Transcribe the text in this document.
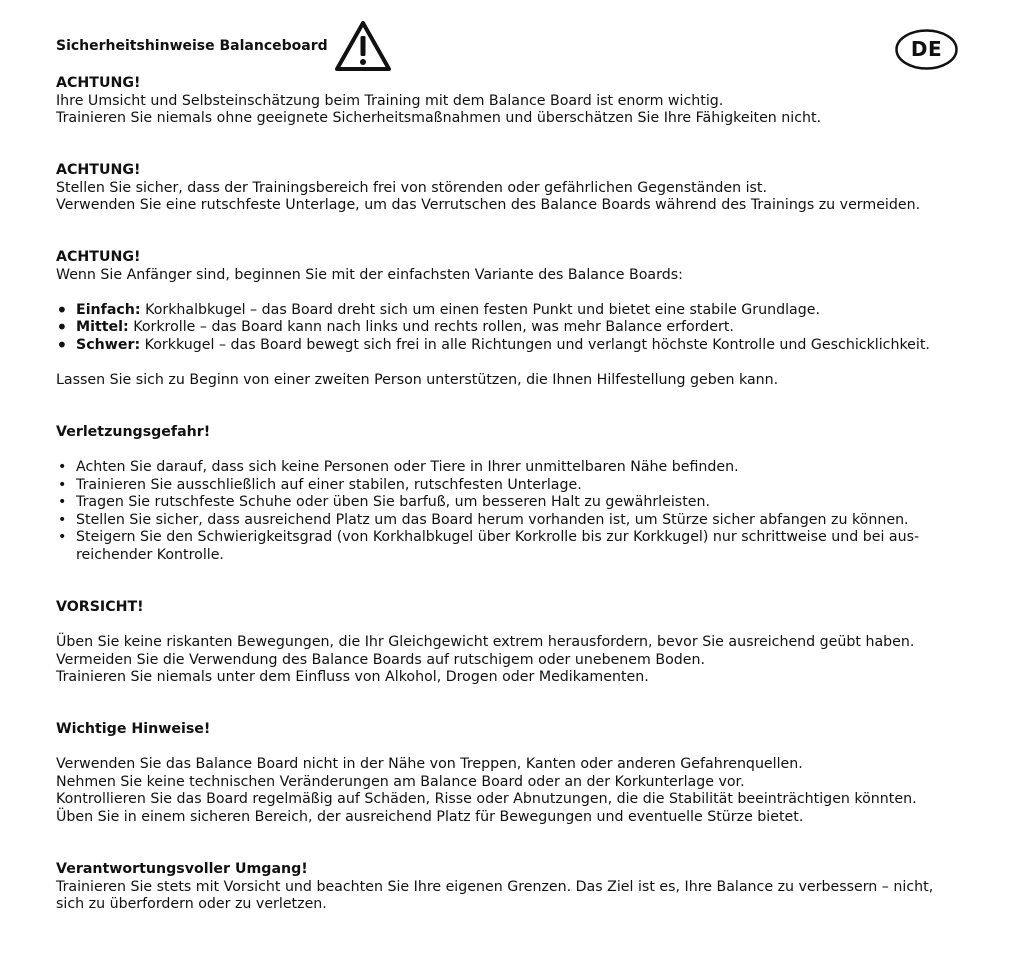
Sicherheitshinweise Balanceboard	DE
ACHTUNG!

Ihre Umsicht und Selbsteinschätzung beim Training mit dem Balance Board ist enorm wichtig.

Trainieren Sie niemals ohne geeignete Sicherheitsmaßnahmen und überschätzen Sie Ihre Fähigkeiten nicht.

ACHTUNG!

Stellen Sie sicher, dass der Trainingsbereich frei von störenden oder gefährlichen Gegenständen ist.

Verwenden Sie eine rutschfeste Unterlage, um das Verrutschen des Balance Boards während des Trainings zu vermeiden.

ACHTUNG!

Wenn Sie Anfänger sind, beginnen Sie mit der einfachsten Variante des Balance Boards:

• Einfach: Korkhalbkugel – das Board dreht sich um einen festen Punkt und bietet eine stabile Grundlage.
• Mittel: Korkrolle – das Board kann nach links und rechts rollen, was mehr Balance erfordert.
• Schwer: Korkkugel – das Board bewegt sich frei in alle Richtungen und verlangt höchste Kontrolle und Geschicklichkeit.

Lassen Sie sich zu Beginn von einer zweiten Person unterstützen, die Ihnen Hilfestellung geben kann.

Verletzungsgefahr!
• Achten Sie darauf, dass sich keine Personen oder Tiere in Ihrer unmittelbaren Nähe befinden.
• Trainieren Sie ausschließlich auf einer stabilen, rutschfesten Unterlage.
• Tragen Sie rutschfeste Schuhe oder üben Sie barfuß, um besseren Halt zu gewährleisten.
• Stellen Sie sicher, dass ausreichend Platz um das Board herum vorhanden ist, um Stürze sicher abfangen zu können.
• Steigern Sie den Schwierigkeitsgrad (von Korkhalbkugel über Korkrolle bis zur Korkkugel) nur schrittweise und bei aus-reichender Kontrolle.
VORSICHT!

Üben Sie keine riskanten Bewegungen, die Ihr Gleichgewicht extrem herausfordern, bevor Sie ausreichend geübt haben.

Vermeiden Sie die Verwendung des Balance Boards auf rutschigem oder unebenem Boden.

Trainieren Sie niemals unter dem Einfluss von Alkohol, Drogen oder Medikamenten.

Wichtige Hinweise!

Verwenden Sie das Balance Board nicht in der Nähe von Treppen, Kanten oder anderen Gefahrenquellen.

Nehmen Sie keine technischen Veränderungen am Balance Board oder an der Korkunterlage vor.

Kontrollieren Sie das Board regelmäßig auf Schäden, Risse oder Abnutzungen, die die Stabilität beeinträchtigen könnten.

Üben Sie in einem sicheren Bereich, der ausreichend Platz für Bewegungen und eventuelle Stürze bietet.

Verantwortungsvoller Umgang!

Trainieren Sie stets mit Vorsicht und beachten Sie Ihre eigenen Grenzen. Das Ziel ist es, Ihre Balance zu verbessern – nicht,

sich zu überfordern oder zu verletzen.
